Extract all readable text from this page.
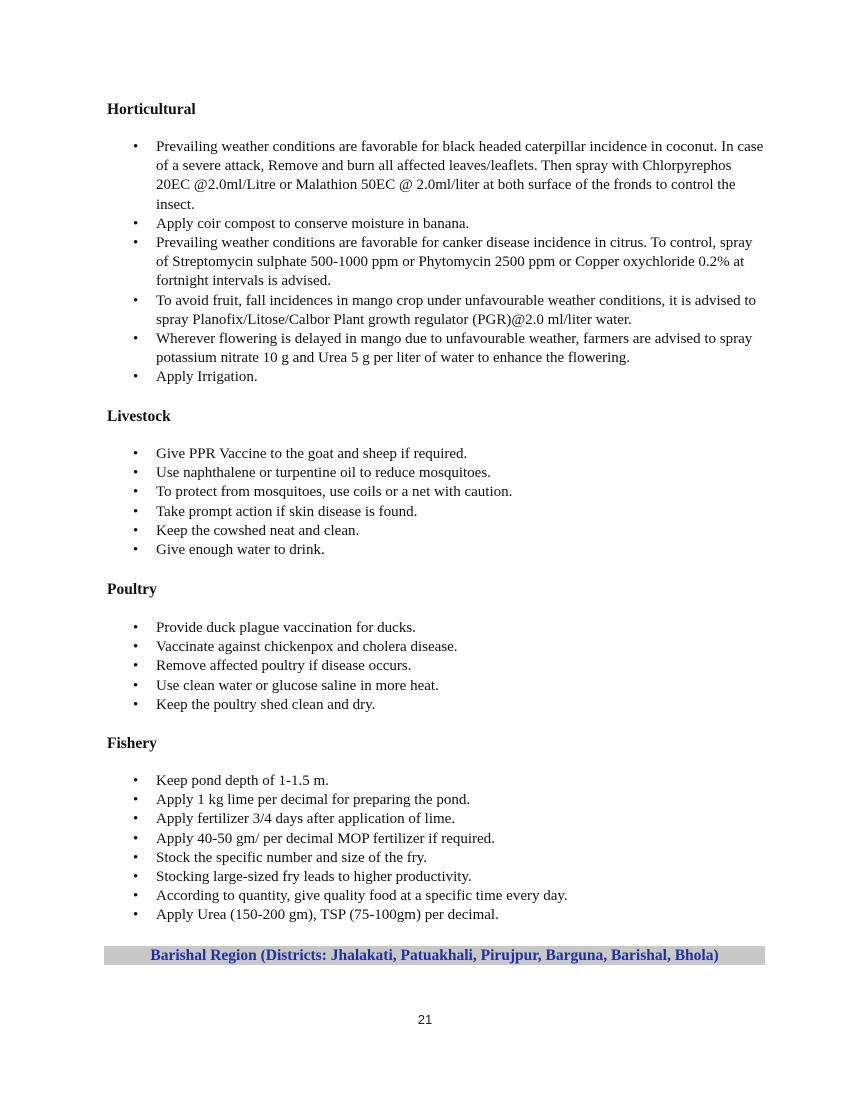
Horticultural
• Prevailing weather conditions are favorable for black headed caterpillar incidence in coconut. In case of a severe attack, Remove and burn all affected leaves/leaflets. Then spray with Chlorpyrephos 20EC @2.0ml/Litre or Malathion 50EC @ 2.0ml/liter at both surface of the fronds to control the insect.
• Apply coir compost to conserve moisture in banana.
• Prevailing weather conditions are favorable for canker disease incidence in citrus. To control, spray of Streptomycin sulphate 500-1000 ppm or Phytomycin 2500 ppm or Copper oxychloride 0.2% at fortnight intervals is advised.
• To avoid fruit, fall incidences in mango crop under unfavourable weather conditions, it is advised to spray Planofix/Litose/Calbor Plant growth regulator (PGR)@2.0 ml/liter water.
• Wherever flowering is delayed in mango due to unfavourable weather, farmers are advised to spray potassium nitrate 10 g and Urea 5 g per liter of water to enhance the flowering.
• Apply Irrigation.
Livestock
• Give PPR Vaccine to the goat and sheep if required.
• Use naphthalene or turpentine oil to reduce mosquitoes.
• To protect from mosquitoes, use coils or a net with caution.
• Take prompt action if skin disease is found.
• Keep the cowshed neat and clean.
• Give enough water to drink.
Poultry
• Provide duck plague vaccination for ducks.
• Vaccinate against chickenpox and cholera disease.
• Remove affected poultry if disease occurs.
• Use clean water or glucose saline in more heat.
• Keep the poultry shed clean and dry.
Fishery
• Keep pond depth of 1-1.5 m.
• Apply 1 kg lime per decimal for preparing the pond.
• Apply fertilizer 3/4 days after application of lime.
• Apply 40-50 gm/ per decimal MOP fertilizer if required.
• Stock the specific number and size of the fry.
• Stocking large-sized fry leads to higher productivity.
• According to quantity, give quality food at a specific time every day.
• Apply Urea (150-200 gm), TSP (75-100gm) per decimal.
Barishal Region (Districts: Jhalakati, Patuakhali, Pirujpur, Barguna, Barishal, Bhola)
21
